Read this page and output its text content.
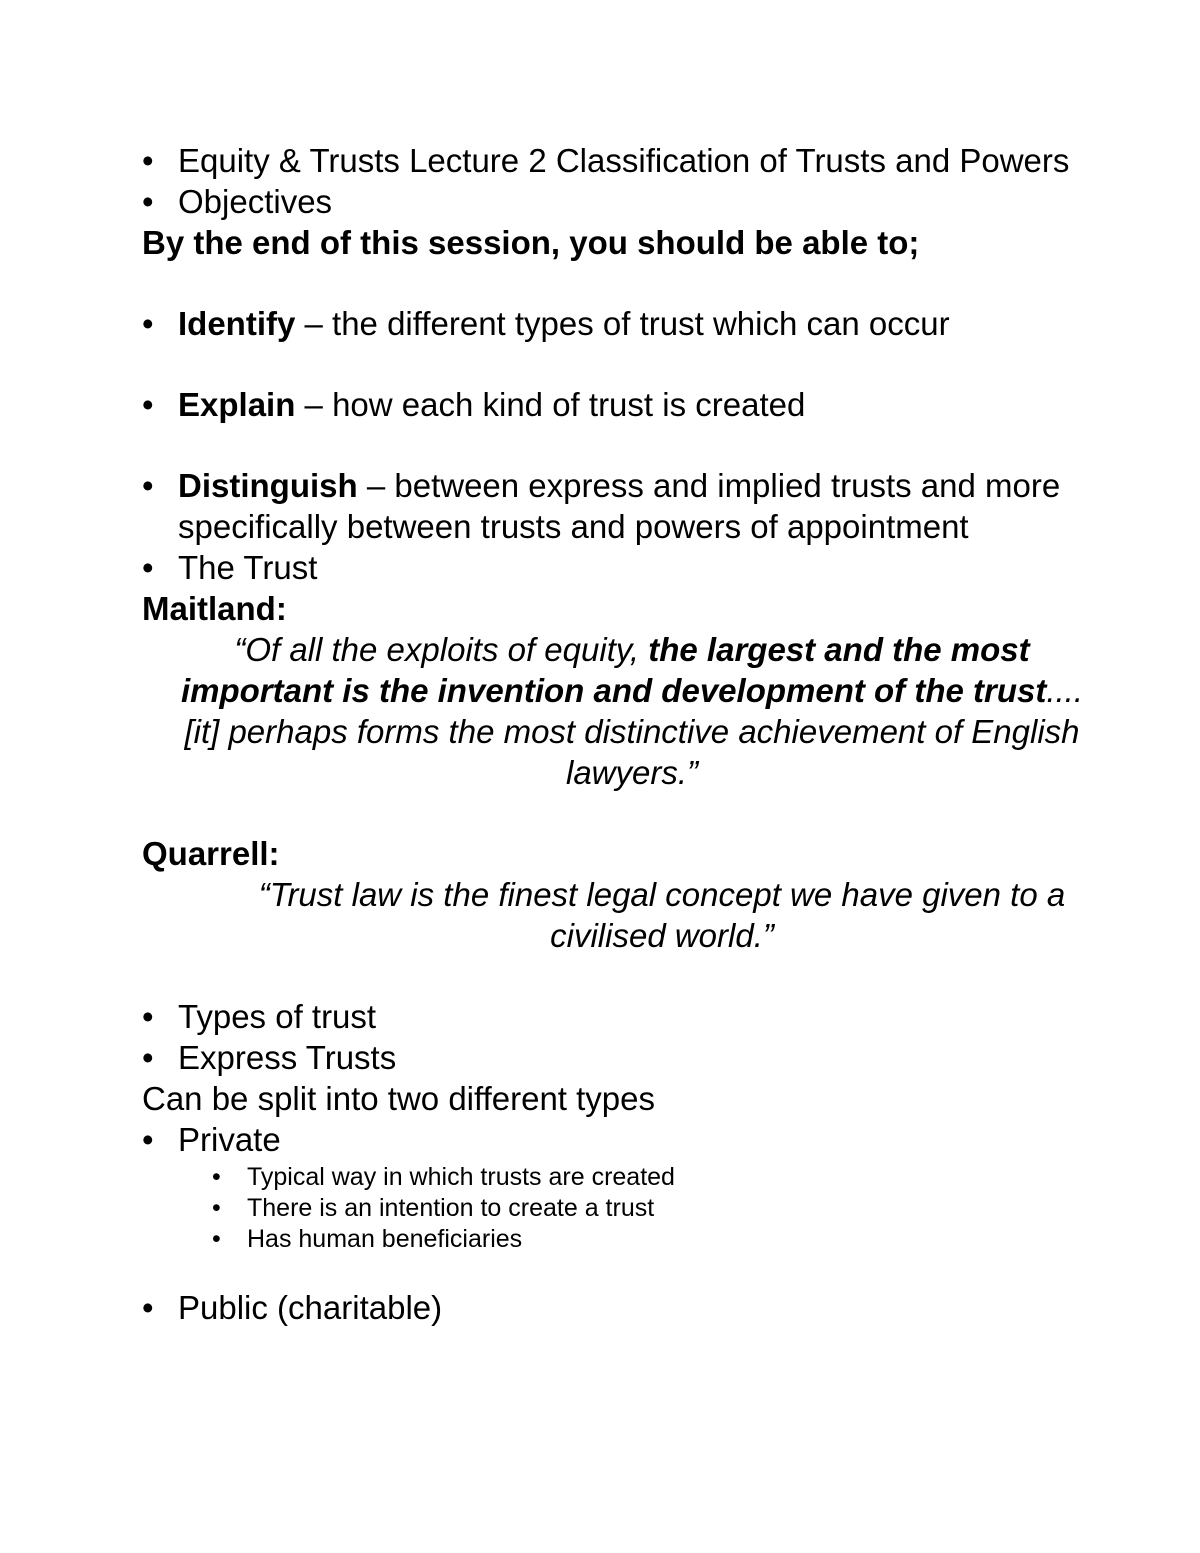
• Equity & Trusts Lecture 2 Classification of Trusts and Powers
• Objectives
By the end of this session, you should be able to;
• Identify – the different types of trust which can occur
• Explain – how each kind of trust is created
• Distinguish – between express and implied trusts and more specifically between trusts and powers of appointment
• The Trust
Maitland:
“Of all the exploits of equity, the largest and the most important is the invention and development of the trust....[it] perhaps forms the most distinctive achievement of English lawyers.”
Quarrell:
“Trust law is the finest legal concept we have given to a civilised world.”
• Types of trust
• Express Trusts
Can be split into two different types
• Private
• Typical way in which trusts are created
• There is an intention to create a trust
• Has human beneficiaries
• Public (charitable)
